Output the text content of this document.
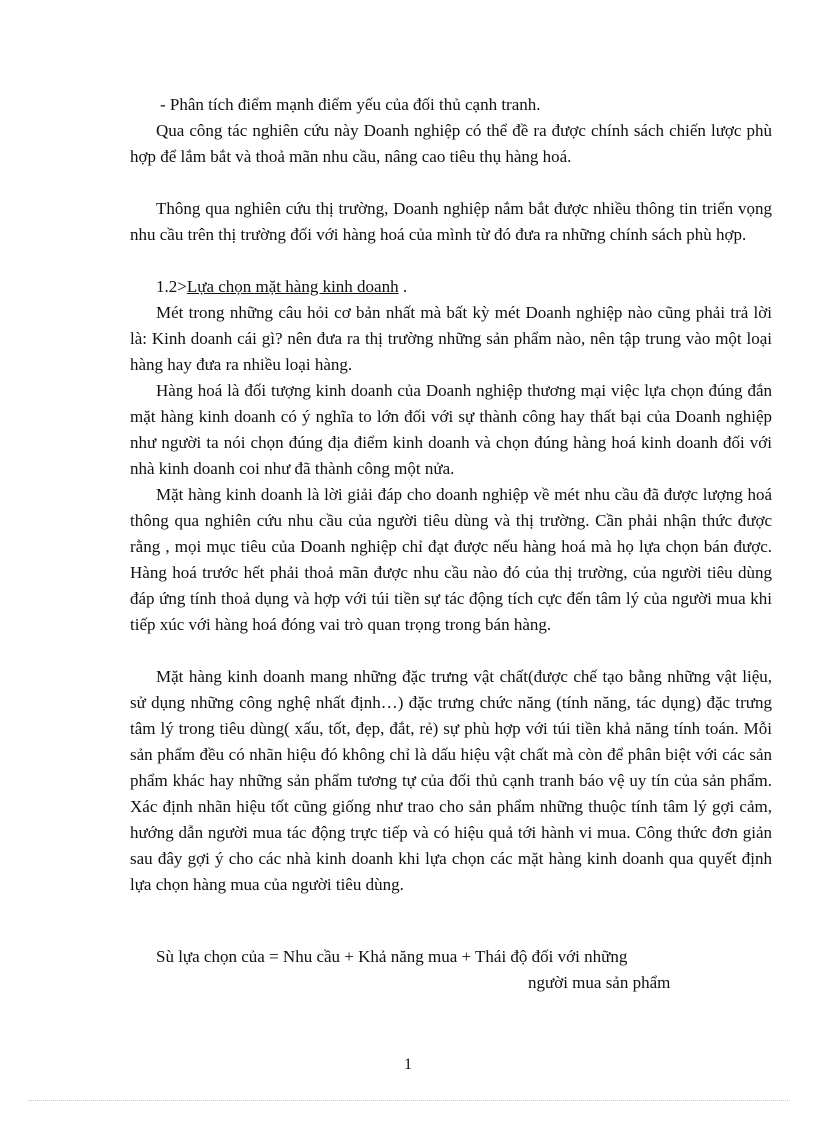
- Phân tích điểm mạnh điểm yếu của đối thủ cạnh tranh.

Qua công tác nghiên cứu này Doanh nghiệp có thể đề ra được chính sách chiến lược phù hợp để lắm bắt và thoả mãn nhu cầu, nâng cao tiêu thụ hàng hoá.

Thông qua nghiên cứu thị trường, Doanh nghiệp nắm bắt được nhiều thông tin triển vọng nhu cầu trên thị trường đối với hàng hoá của mình từ đó đưa ra những chính sách phù hợp.

1.2>Lựa chọn mặt hàng kinh doanh .

Mét trong những câu hỏi cơ bản nhất mà bất kỳ mét Doanh nghiệp nào cũng phải trả lời là: Kinh doanh cái gì? nên đưa ra thị trường những sản phẩm nào, nên tập trung vào một loại hàng hay đưa ra nhiều loại hàng.

Hàng hoá là đối tượng kinh doanh của Doanh nghiệp thương mại việc lựa chọn đúng đắn mặt hàng kinh doanh có ý nghĩa to lớn đối với sự thành công hay thất bại của Doanh nghiệp như người ta nói chọn đúng địa điểm kinh doanh và chọn đúng hàng hoá kinh doanh đối với nhà kinh doanh coi như đã thành công một nửa.

Mặt hàng kinh doanh là lời giải đáp cho doanh nghiệp về mét nhu cầu đã được lượng hoá thông qua nghiên cứu nhu cầu của người tiêu dùng và thị trường. Cần phải nhận thức được rằng , mọi mục tiêu của Doanh nghiệp chỉ đạt được nếu hàng hoá mà họ lựa chọn bán được. Hàng hoá trước hết phải thoả mãn được nhu cầu nào đó của thị trường, của người tiêu dùng đáp ứng tính thoả dụng và hợp với túi tiền sự tác động tích cực đến tâm lý của người mua khi tiếp xúc với hàng hoá đóng vai trò quan trọng trong bán hàng.

Mặt hàng kinh doanh mang những đặc trưng vật chất(được chế tạo bằng những vật liệu, sử dụng những công nghệ nhất định…) đặc trưng chức năng (tính năng, tác dụng) đặc trưng tâm lý trong tiêu dùng( xấu, tốt, đẹp, đắt, rẻ) sự phù hợp với túi tiền khả năng tính toán. Mỗi sản phẩm đều có nhãn hiệu đó không chỉ là dấu hiệu vật chất mà còn để phân biệt với các sản phẩm khác hay những sản phẩm tương tự của đối thủ cạnh tranh báo vệ uy tín của sản phẩm. Xác định nhãn hiệu tốt cũng giống như trao cho sản phẩm những thuộc tính tâm lý gợi cảm, hướng dẫn người mua tác động trực tiếp và có hiệu quả tới hành vi mua. Công thức đơn giản sau đây gợi ý cho các nhà kinh doanh khi lựa chọn các mặt hàng kinh doanh qua quyết định lựa chọn hàng mua của người tiêu dùng.

Sù lựa chọn của = Nhu cầu + Khả năng mua + Thái độ đối với những

người mua sản phẩm

1
